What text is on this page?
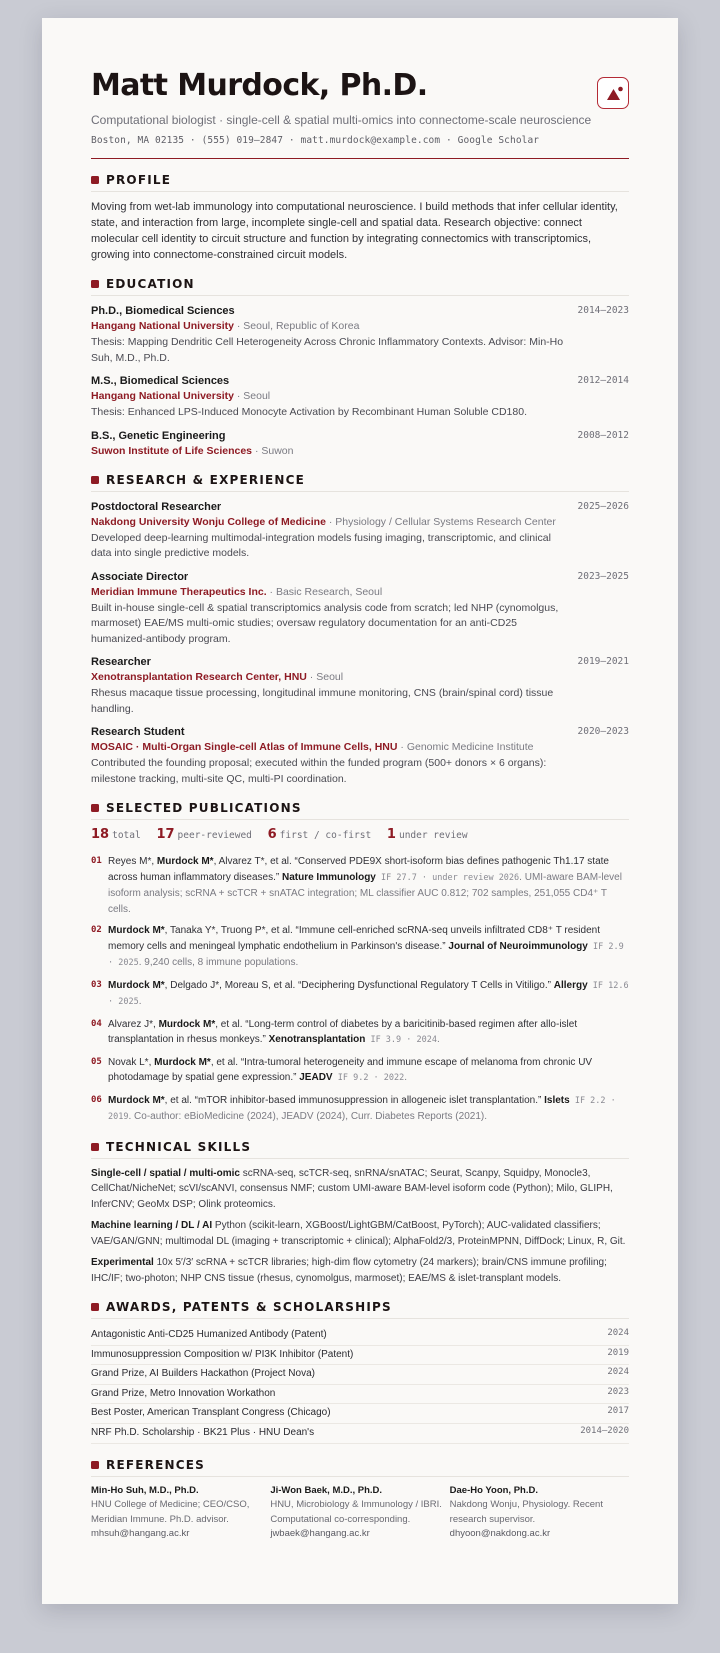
Matt Murdock, Ph.D.
Computational biologist · single-cell & spatial multi-omics into connectome-scale neuroscience
Boston, MA 02135 · (555) 019–2847 · matt.murdock@example.com · Google Scholar
PROFILE
Moving from wet-lab immunology into computational neuroscience. I build methods that infer cellular identity, state, and interaction from large, incomplete single-cell and spatial data. Research objective: connect molecular cell identity to circuit structure and function by integrating connectomics with transcriptomics, growing into connectome-constrained circuit models.
EDUCATION
Ph.D., Biomedical Sciences	2014–2023
Hangang National University · Seoul, Republic of Korea
Thesis: Mapping Dendritic Cell Heterogeneity Across Chronic Inflammatory Contexts. Advisor: Min-Ho Suh, M.D., Ph.D.
M.S., Biomedical Sciences	2012–2014
Hangang National University · Seoul
Thesis: Enhanced LPS-Induced Monocyte Activation by Recombinant Human Soluble CD180.
B.S., Genetic Engineering	2008–2012
Suwon Institute of Life Sciences · Suwon
RESEARCH & EXPERIENCE
Postdoctoral Researcher	2025–2026
Nakdong University Wonju College of Medicine · Physiology / Cellular Systems Research Center
Developed deep-learning multimodal-integration models fusing imaging, transcriptomic, and clinical data into single predictive models.
Associate Director	2023–2025
Meridian Immune Therapeutics Inc. · Basic Research, Seoul
Built in-house single-cell & spatial transcriptomics analysis code from scratch; led NHP (cynomolgus, marmoset) EAE/MS multi-omic studies; oversaw regulatory documentation for an anti-CD25 humanized-antibody program.
Researcher	2019–2021
Xenotransplantation Research Center, HNU · Seoul
Rhesus macaque tissue processing, longitudinal immune monitoring, CNS (brain/spinal cord) tissue handling.
Research Student	2020–2023
MOSAIC · Multi-Organ Single-cell Atlas of Immune Cells, HNU · Genomic Medicine Institute
Contributed the founding proposal; executed within the funded program (500+ donors × 6 organs): milestone tracking, multi-site QC, multi-PI coordination.
SELECTED PUBLICATIONS
18 total 17 peer-reviewed 6 first / co-first 1 under review
01 Reyes M*, Murdock M*, Alvarez T*, et al. “Conserved PDE9X short-isoform bias defines pathogenic Th1.17 state across human inflammatory diseases.” Nature Immunology IF 27.7 · under review 2026. UMI-aware BAM-level isoform analysis; scRNA + scTCR + snATAC integration; ML classifier AUC 0.812; 702 samples, 251,055 CD4⁺ T cells.
02 Murdock M*, Tanaka Y*, Truong P*, et al. “Immune cell-enriched scRNA-seq unveils infiltrated CD8⁺ T resident memory cells and meningeal lymphatic endothelium in Parkinson's disease.” Journal of Neuroimmunology IF 2.9 · 2025. 9,240 cells, 8 immune populations.
03 Murdock M*, Delgado J*, Moreau S, et al. “Deciphering Dysfunctional Regulatory T Cells in Vitiligo.” Allergy IF 12.6 · 2025.
04 Alvarez J*, Murdock M*, et al. “Long-term control of diabetes by a baricitinib-based regimen after allo-islet transplantation in rhesus monkeys.” Xenotransplantation IF 3.9 · 2024.
05 Novak L*, Murdock M*, et al. “Intra-tumoral heterogeneity and immune escape of melanoma from chronic UV photodamage by spatial gene expression.” JEADV IF 9.2 · 2022.
06 Murdock M*, et al. “mTOR inhibitor-based immunosuppression in allogeneic islet transplantation.” Islets IF 2.2 · 2019. Co-author: eBioMedicine (2024), JEADV (2024), Curr. Diabetes Reports (2021).
TECHNICAL SKILLS
Single-cell / spatial / multi-omic scRNA-seq, scTCR-seq, snRNA/snATAC; Seurat, Scanpy, Squidpy, Monocle3, CellChat/NicheNet; scVI/scANVI, consensus NMF; custom UMI-aware BAM-level isoform code (Python); Milo, GLIPH, InferCNV; GeoMx DSP; Olink proteomics.
Machine learning / DL / AI Python (scikit-learn, XGBoost/LightGBM/CatBoost, PyTorch); AUC-validated classifiers; VAE/GAN/GNN; multimodal DL (imaging + transcriptomic + clinical); AlphaFold2/3, ProteinMPNN, DiffDock; Linux, R, Git.
Experimental 10x 5′/3′ scRNA + scTCR libraries; high-dim flow cytometry (24 markers); brain/CNS immune profiling; IHC/IF; two-photon; NHP CNS tissue (rhesus, cynomolgus, marmoset); EAE/MS & islet-transplant models.
AWARDS, PATENTS & SCHOLARSHIPS
Antagonistic Anti-CD25 Humanized Antibody (Patent)	2024
Immunosuppression Composition w/ PI3K Inhibitor (Patent)	2019
Grand Prize, AI Builders Hackathon (Project Nova)	2024
Grand Prize, Metro Innovation Workathon	2023
Best Poster, American Transplant Congress (Chicago)	2017
NRF Ph.D. Scholarship · BK21 Plus · HNU Dean's	2014–2020
REFERENCES
Min-Ho Suh, M.D., Ph.D.
HNU College of Medicine; CEO/CSO, Meridian Immune. Ph.D. advisor.
mhsuh@hangang.ac.kr
Ji-Won Baek, M.D., Ph.D.
HNU, Microbiology & Immunology / IBRI. Computational co-corresponding.
jwbaek@hangang.ac.kr
Dae-Ho Yoon, Ph.D.
Nakdong Wonju, Physiology. Recent research supervisor.
dhyoon@nakdong.ac.kr
